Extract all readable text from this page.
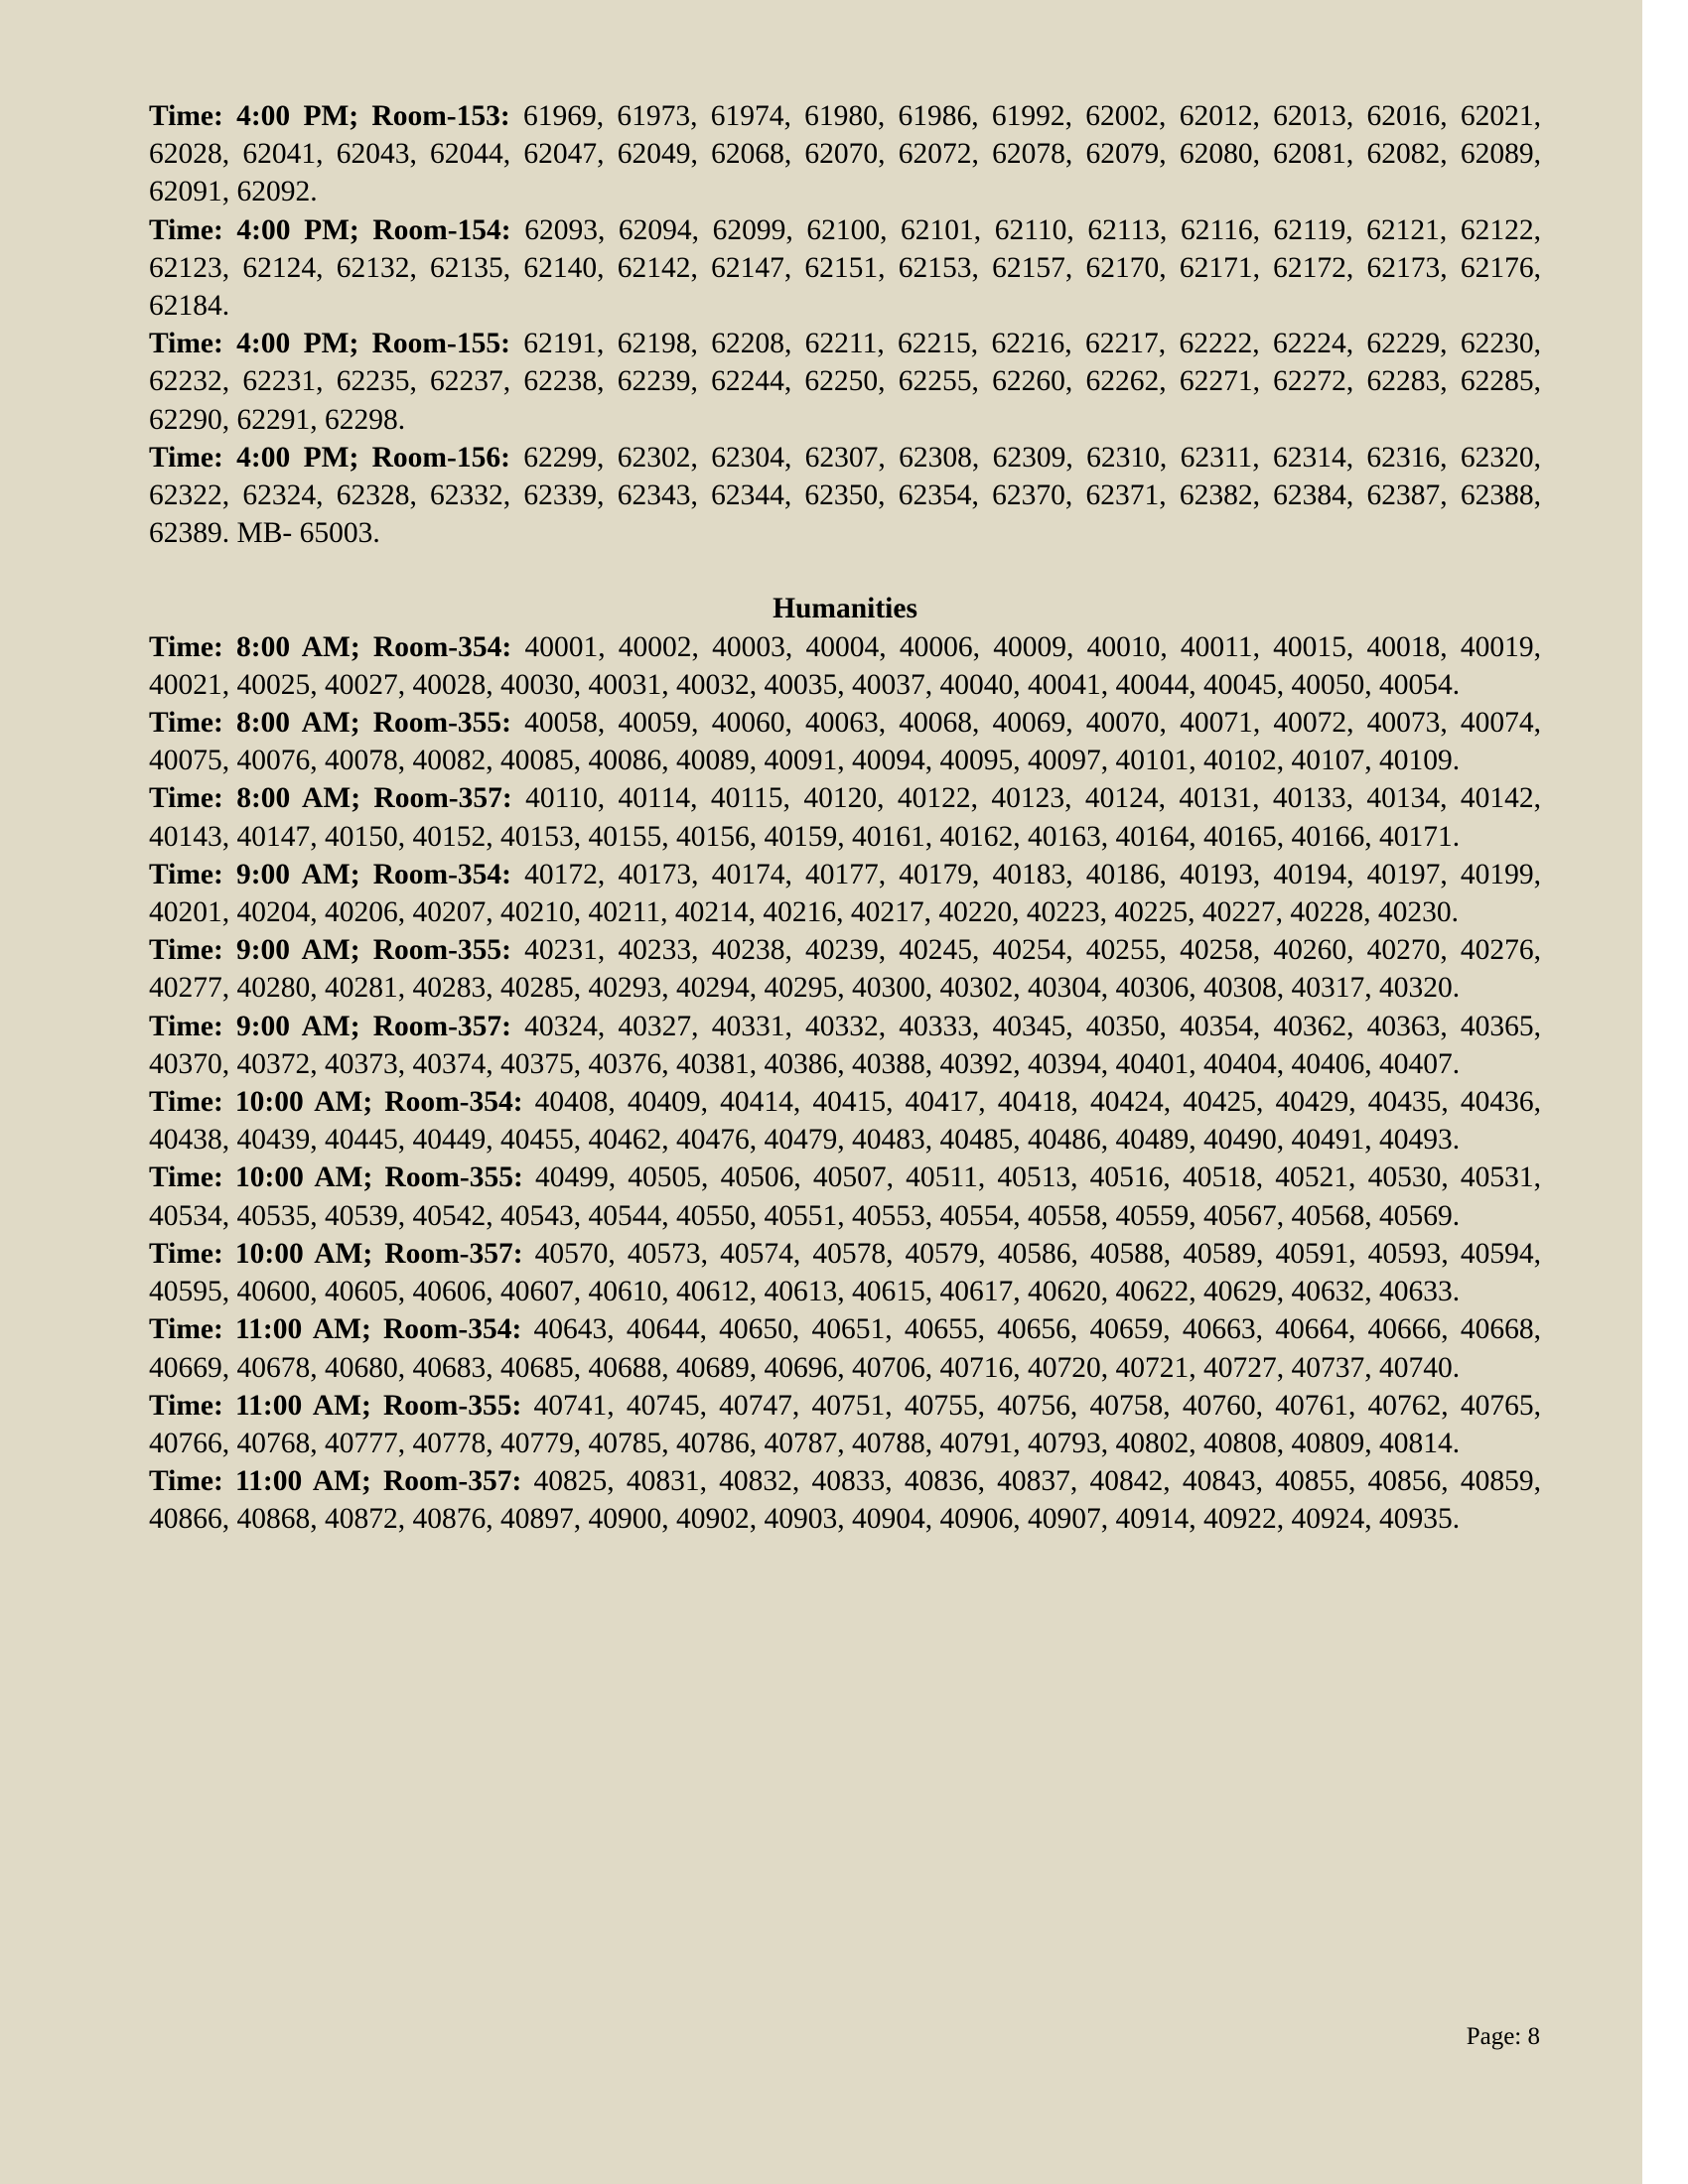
Time: 4:00 PM; Room-153: 61969, 61973, 61974, 61980, 61986, 61992, 62002, 62012, 62013, 62016, 62021, 62028, 62041, 62043, 62044, 62047, 62049, 62068, 62070, 62072, 62078, 62079, 62080, 62081, 62082, 62089, 62091, 62092.

Time: 4:00 PM; Room-154: 62093, 62094, 62099, 62100, 62101, 62110, 62113, 62116, 62119, 62121, 62122, 62123, 62124, 62132, 62135, 62140, 62142, 62147, 62151, 62153, 62157, 62170, 62171, 62172, 62173, 62176, 62184.

Time: 4:00 PM; Room-155: 62191, 62198, 62208, 62211, 62215, 62216, 62217, 62222, 62224, 62229, 62230, 62232, 62231, 62235, 62237, 62238, 62239, 62244, 62250, 62255, 62260, 62262, 62271, 62272, 62283, 62285, 62290, 62291, 62298.

Time: 4:00 PM; Room-156: 62299, 62302, 62304, 62307, 62308, 62309, 62310, 62311, 62314, 62316, 62320, 62322, 62324, 62328, 62332, 62339, 62343, 62344, 62350, 62354, 62370, 62371, 62382, 62384, 62387, 62388, 62389. MB- 65003.

Humanities

Time: 8:00 AM; Room-354: 40001, 40002, 40003, 40004, 40006, 40009, 40010, 40011, 40015, 40018, 40019, 40021, 40025, 40027, 40028, 40030, 40031, 40032, 40035, 40037, 40040, 40041, 40044, 40045, 40050, 40054.

Time: 8:00 AM; Room-355: 40058, 40059, 40060, 40063, 40068, 40069, 40070, 40071, 40072, 40073, 40074, 40075, 40076, 40078, 40082, 40085, 40086, 40089, 40091, 40094, 40095, 40097, 40101, 40102, 40107, 40109.

Time: 8:00 AM; Room-357: 40110, 40114, 40115, 40120, 40122, 40123, 40124, 40131, 40133, 40134, 40142, 40143, 40147, 40150, 40152, 40153, 40155, 40156, 40159, 40161, 40162, 40163, 40164, 40165, 40166, 40171.

Time: 9:00 AM; Room-354: 40172, 40173, 40174, 40177, 40179, 40183, 40186, 40193, 40194, 40197, 40199, 40201, 40204, 40206, 40207, 40210, 40211, 40214, 40216, 40217, 40220, 40223, 40225, 40227, 40228, 40230.

Time: 9:00 AM; Room-355: 40231, 40233, 40238, 40239, 40245, 40254, 40255, 40258, 40260, 40270, 40276, 40277, 40280, 40281, 40283, 40285, 40293, 40294, 40295, 40300, 40302, 40304, 40306, 40308, 40317, 40320.

Time: 9:00 AM; Room-357: 40324, 40327, 40331, 40332, 40333, 40345, 40350, 40354, 40362, 40363, 40365, 40370, 40372, 40373, 40374, 40375, 40376, 40381, 40386, 40388, 40392, 40394, 40401, 40404, 40406, 40407.

Time: 10:00 AM; Room-354: 40408, 40409, 40414, 40415, 40417, 40418, 40424, 40425, 40429, 40435, 40436, 40438, 40439, 40445, 40449, 40455, 40462, 40476, 40479, 40483, 40485, 40486, 40489, 40490, 40491, 40493.

Time: 10:00 AM; Room-355: 40499, 40505, 40506, 40507, 40511, 40513, 40516, 40518, 40521, 40530, 40531, 40534, 40535, 40539, 40542, 40543, 40544, 40550, 40551, 40553, 40554, 40558, 40559, 40567, 40568, 40569.

Time: 10:00 AM; Room-357: 40570, 40573, 40574, 40578, 40579, 40586, 40588, 40589, 40591, 40593, 40594, 40595, 40600, 40605, 40606, 40607, 40610, 40612, 40613, 40615, 40617, 40620, 40622, 40629, 40632, 40633.

Time: 11:00 AM; Room-354: 40643, 40644, 40650, 40651, 40655, 40656, 40659, 40663, 40664, 40666, 40668, 40669, 40678, 40680, 40683, 40685, 40688, 40689, 40696, 40706, 40716, 40720, 40721, 40727, 40737, 40740.

Time: 11:00 AM; Room-355: 40741, 40745, 40747, 40751, 40755, 40756, 40758, 40760, 40761, 40762, 40765, 40766, 40768, 40777, 40778, 40779, 40785, 40786, 40787, 40788, 40791, 40793, 40802, 40808, 40809, 40814.

Time: 11:00 AM; Room-357: 40825, 40831, 40832, 40833, 40836, 40837, 40842, 40843, 40855, 40856, 40859, 40866, 40868, 40872, 40876, 40897, 40900, 40902, 40903, 40904, 40906, 40907, 40914, 40922, 40924, 40935.

Page: 8
